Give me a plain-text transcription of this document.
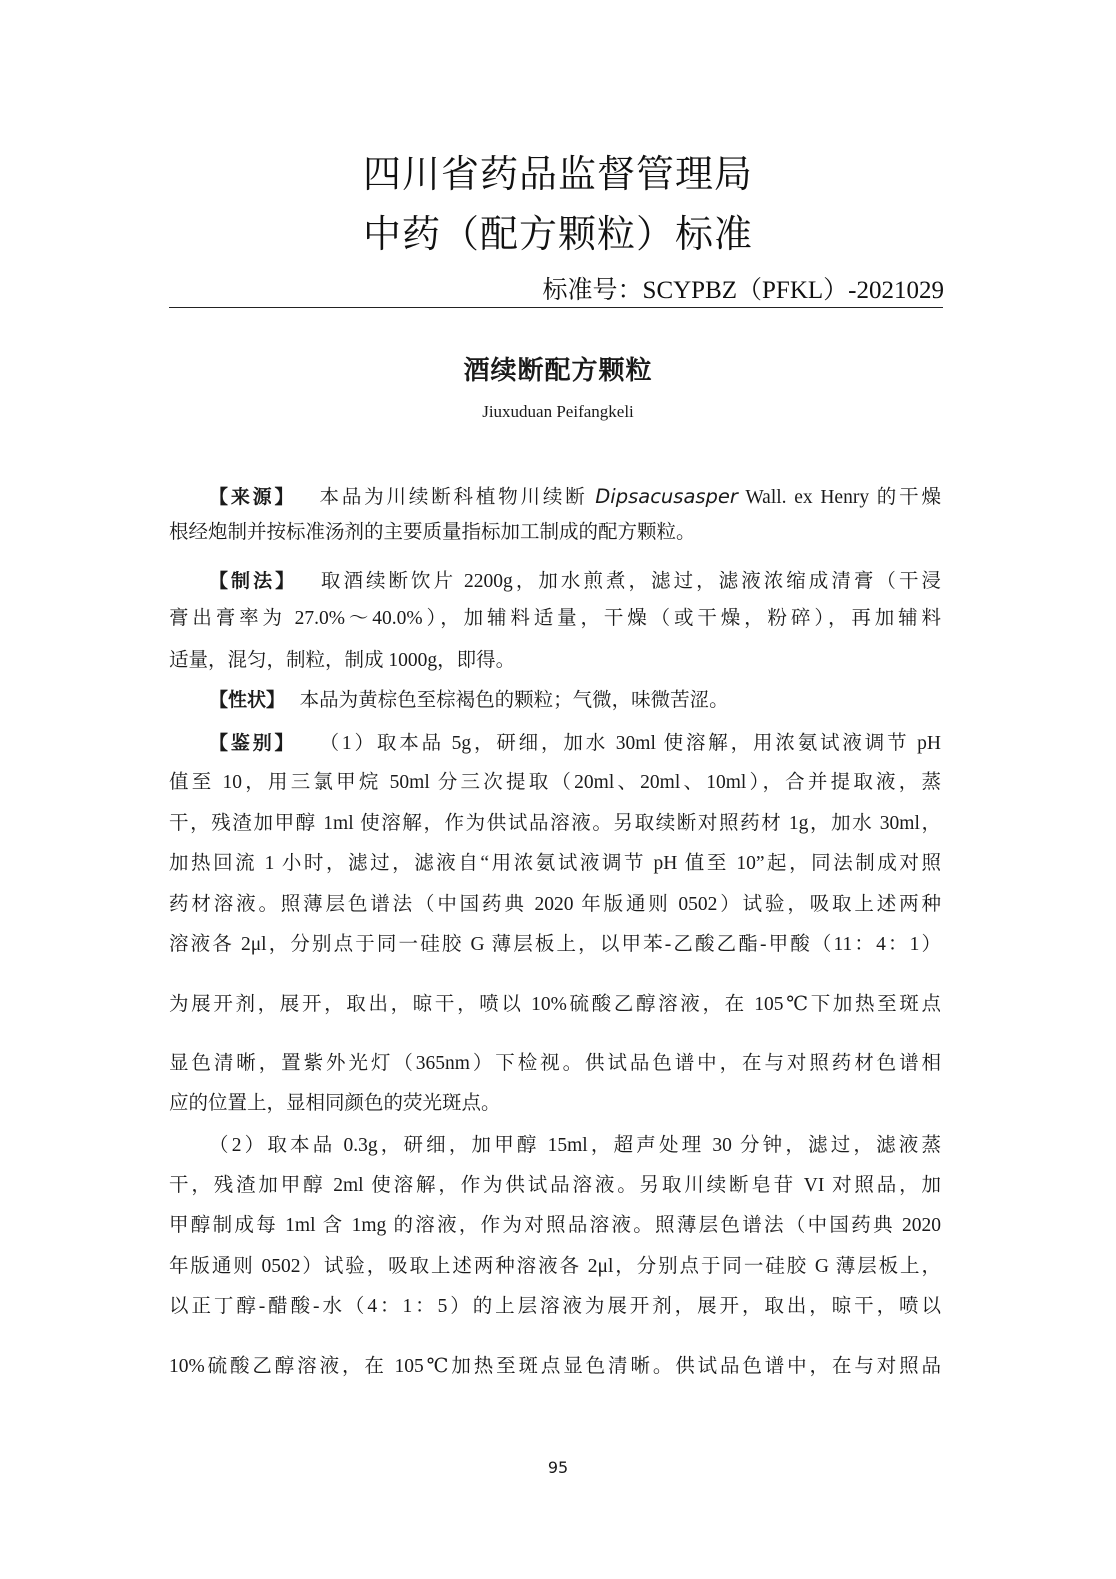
四川省药品监督管理局
中药（配方颗粒）标准
标准号：SCYPBZ（PFKL）-2021029
酒续断配方颗粒
Jiuxuduan Peifangkeli
【来源】 本品为川续断科植物川续断 Dipsacusasper Wall. ex Henry 的干燥
根经炮制并按标准汤剂的主要质量指标加工制成的配方颗粒。
【制法】 取酒续断饮片 2200g，加水煎煮，滤过，滤液浓缩成清膏（干浸
膏出膏率为 27.0%～40.0%），加辅料适量，干燥（或干燥，粉碎），再加辅料
适量，混匀，制粒，制成 1000g，即得。
【性状】 本品为黄棕色至棕褐色的颗粒；气微，味微苦涩。
【鉴别】 （1）取本品 5g，研细，加水 30ml 使溶解，用浓氨试液调节 pH
值至 10，用三氯甲烷 50ml 分三次提取（20ml、20ml、10ml），合并提取液，蒸
干，残渣加甲醇 1ml 使溶解，作为供试品溶液。另取续断对照药材 1g，加水 30ml，
加热回流 1 小时，滤过，滤液自“用浓氨试液调节 pH 值至 10”起，同法制成对照
药材溶液。照薄层色谱法（中国药典 2020 年版通则 0502）试验，吸取上述两种
溶液各 2μl，分别点于同一硅胶 G 薄层板上，以甲苯-乙酸乙酯-甲酸（11：4：1）
为展开剂，展开，取出，晾干，喷以 10%硫酸乙醇溶液，在 105℃下加热至斑点
显色清晰，置紫外光灯（365nm）下检视。供试品色谱中，在与对照药材色谱相
应的位置上，显相同颜色的荧光斑点。
（2）取本品 0.3g，研细，加甲醇 15ml，超声处理 30 分钟，滤过，滤液蒸
干，残渣加甲醇 2ml 使溶解，作为供试品溶液。另取川续断皂苷 VI 对照品，加
甲醇制成每 1ml 含 1mg 的溶液，作为对照品溶液。照薄层色谱法（中国药典 2020
年版通则 0502）试验，吸取上述两种溶液各 2μl，分别点于同一硅胶 G 薄层板上，
以正丁醇-醋酸-水（4：1：5）的上层溶液为展开剂，展开，取出，晾干，喷以
10%硫酸乙醇溶液，在 105℃加热至斑点显色清晰。供试品色谱中，在与对照品
95
